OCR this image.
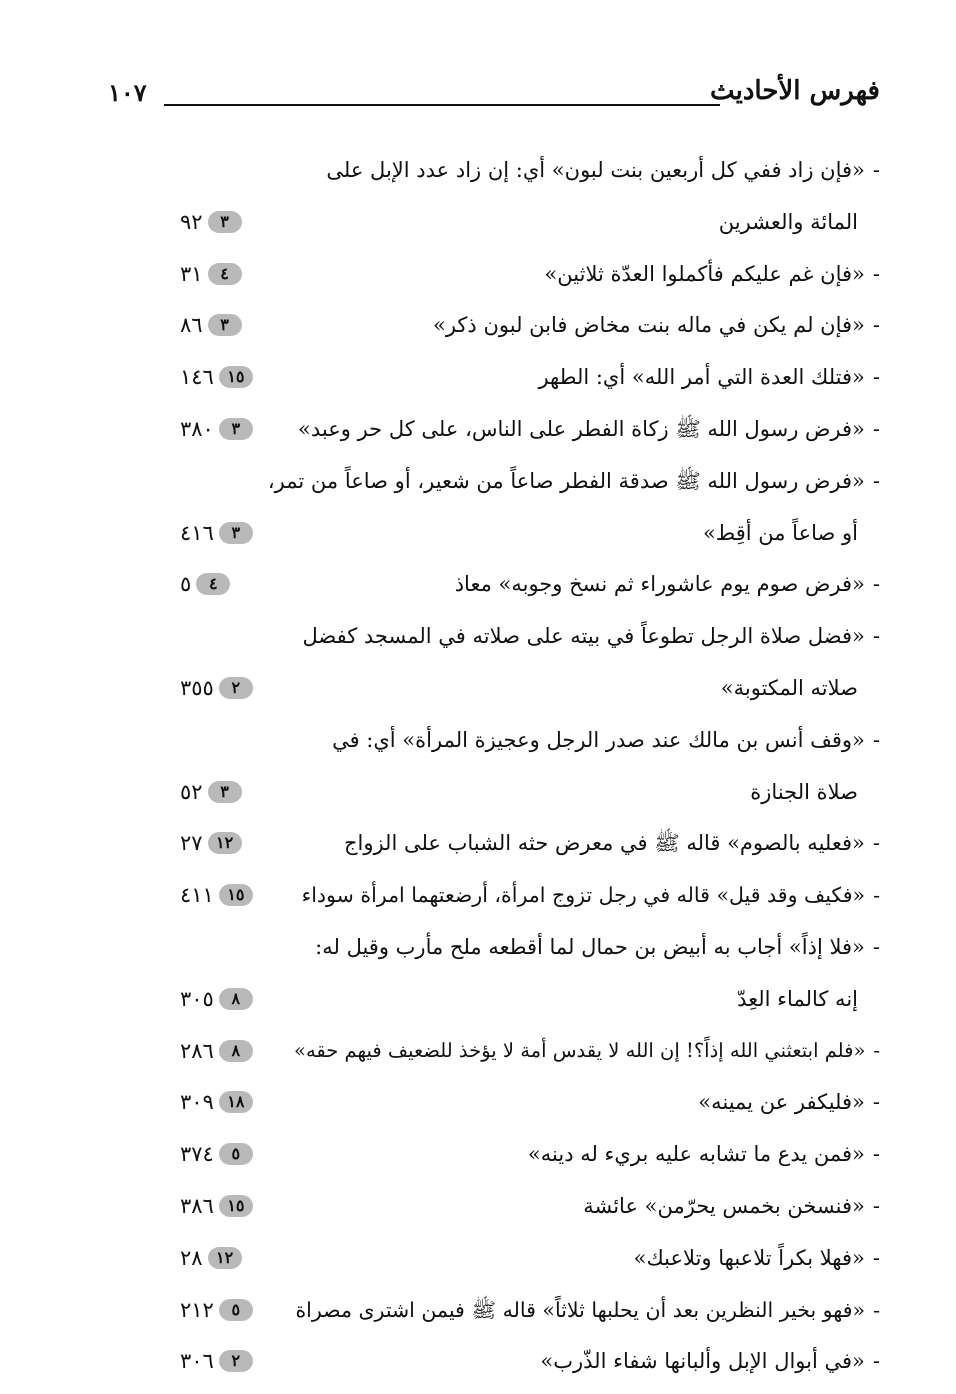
فهرس الأحاديث
١٠٧
-«فإن زاد ففي كل أربعين بنت لبون» أي: إن زاد عدد الإبل على
المائة والعشرين
٩٢	٣
-«فإن غم عليكم فأكملوا العدّة ثلاثين»
٣١	٤
-«فإن لم يكن في ماله بنت مخاض فابن لبون ذكر»
٨٦	٣
-«فتلك العدة التي أمر الله» أي: الطهر
١٤٦ ١٥
-«فرض رسول الله ﷺ زكاة الفطر على الناس، على كل حر وعبد»
٣٨٠	٣
-«فرض رسول الله ﷺ صدقة الفطر صاعاً من شعير، أو صاعاً من تمر،
أو صاعاً من أقِط»
٤١٦	٣
-«فرض صوم يوم عاشوراء ثم نسخ وجوبه» معاذ
٥	٤
-«فضل صلاة الرجل تطوعاً في بيته على صلاته في المسجد كفضل
صلاته المكتوبة»
٣٥٥	٢
-«وقف أنس بن مالك عند صدر الرجل وعجيزة المرأة» أي: في
صلاة الجنازة
٥٢	٣
-«فعليه بالصوم» قاله ﷺ في معرض حثه الشباب على الزواج
٢٧ ١٢
-«فكيف وقد قيل» قاله في رجل تزوج امرأة، أرضعتهما امرأة سوداء
٤١١ ١٥
-«فلا إذاً» أجاب به أبيض بن حمال لما أقطعه ملح مأرب وقيل له:
إنه كالماء العِدّ
٣٠٥	٨
-«فلم ابتعثني الله إذاً؟! إن الله لا يقدس أمة لا يؤخذ للضعيف فيهم حقه»
٢٨٦	٨
-«فليكفر عن يمينه»
٣٠٩ ١٨
-«فمن يدع ما تشابه عليه بريء له دينه»
٣٧٤	٥
-«فنسخن بخمس يحرّمن» عائشة
٣٨٦ ١٥
-«فهلا بكراً تلاعبها وتلاعبك»
٢٨ ١٢
-«فهو بخير النظرين بعد أن يحلبها ثلاثاً» قاله ﷺ فيمن اشترى مصراة
٢١٢	٥
-«في أبوال الإبل وألبانها شفاء الذّرب»
٣٠٦	٢
